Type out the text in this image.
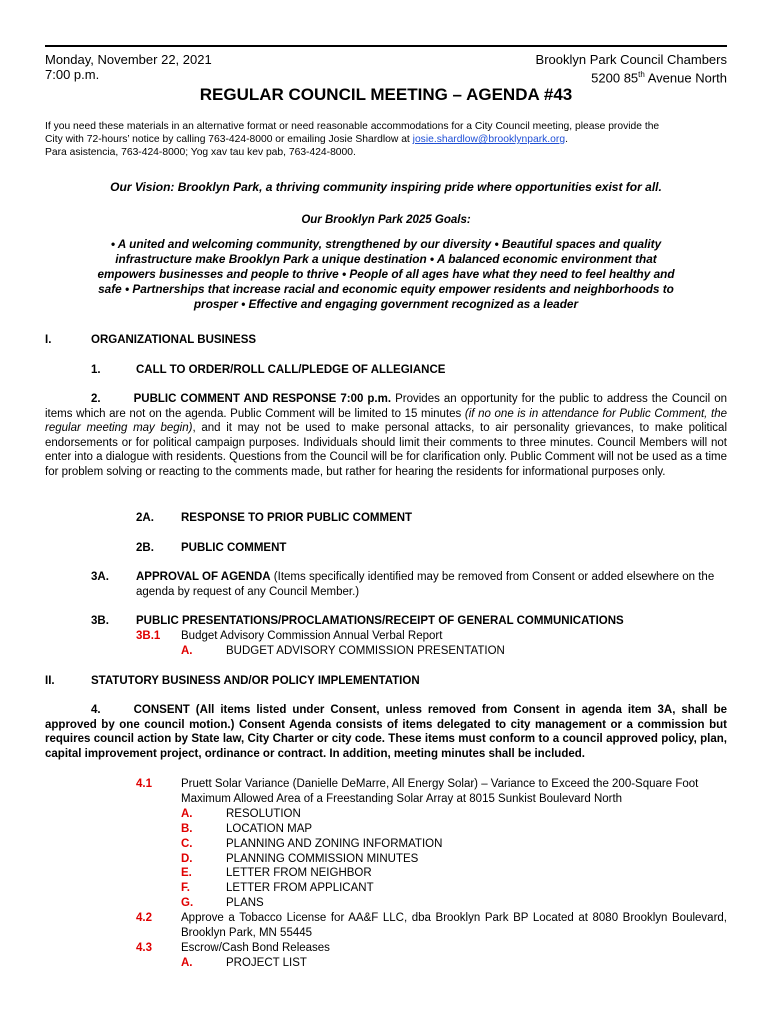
Monday, November 22, 2021
7:00 p.m.
Brooklyn Park Council Chambers
5200 85th Avenue North
REGULAR COUNCIL MEETING – AGENDA #43
If you need these materials in an alternative format or need reasonable accommodations for a City Council meeting, please provide the
City with 72-hours’ notice by calling 763-424-8000 or emailing Josie Shardlow at josie.shardlow@brooklynpark.org.
Para asistencia, 763-424-8000; Yog xav tau kev pab, 763-424-8000.
Our Vision: Brooklyn Park, a thriving community inspiring pride where opportunities exist for all.
Our Brooklyn Park 2025 Goals:
• A united and welcoming community, strengthened by our diversity • Beautiful spaces and quality infrastructure make Brooklyn Park a unique destination • A balanced economic environment that empowers businesses and people to thrive • People of all ages have what they need to feel healthy and safe • Partnerships that increase racial and economic equity empower residents and neighborhoods to prosper • Effective and engaging government recognized as a leader
I.	ORGANIZATIONAL BUSINESS
1.	CALL TO ORDER/ROLL CALL/PLEDGE OF ALLEGIANCE
2.	PUBLIC COMMENT AND RESPONSE 7:00 p.m. Provides an opportunity for the public to address the Council on items which are not on the agenda. Public Comment will be limited to 15 minutes (if no one is in attendance for Public Comment, the regular meeting may begin), and it may not be used to make personal attacks, to air personality grievances, to make political endorsements or for political campaign purposes. Individuals should limit their comments to three minutes. Council Members will not enter into a dialogue with residents. Questions from the Council will be for clarification only. Public Comment will not be used as a time for problem solving or reacting to the comments made, but rather for hearing the residents for informational purposes only.
2A. RESPONSE TO PRIOR PUBLIC COMMENT
2B. PUBLIC COMMENT
3A. APPROVAL OF AGENDA (Items specifically identified may be removed from Consent or added elsewhere on the agenda by request of any Council Member.)
3B. PUBLIC PRESENTATIONS/PROCLAMATIONS/RECEIPT OF GENERAL COMMUNICATIONS
3B.1 Budget Advisory Commission Annual Verbal Report
A.	BUDGET ADVISORY COMMISSION PRESENTATION
II.	STATUTORY BUSINESS AND/OR POLICY IMPLEMENTATION
4.	CONSENT (All items listed under Consent, unless removed from Consent in agenda item 3A, shall be approved by one council motion.) Consent Agenda consists of items delegated to city management or a commission but requires council action by State law, City Charter or city code. These items must conform to a council approved policy, plan, capital improvement project, ordinance or contract. In addition, meeting minutes shall be included.
4.1	Pruett Solar Variance (Danielle DeMarre, All Energy Solar) – Variance to Exceed the 200-Square Foot Maximum Allowed Area of a Freestanding Solar Array at 8015 Sunkist Boulevard North
A.	RESOLUTION
B.	LOCATION MAP
C.	PLANNING AND ZONING INFORMATION
D.	PLANNING COMMISSION MINUTES
E.	LETTER FROM NEIGHBOR
F.	LETTER FROM APPLICANT
G.	PLANS
4.2	Approve a Tobacco License for AA&F LLC, dba Brooklyn Park BP Located at 8080 Brooklyn Boulevard, Brooklyn Park, MN 55445
4.3	Escrow/Cash Bond Releases
A.	PROJECT LIST
